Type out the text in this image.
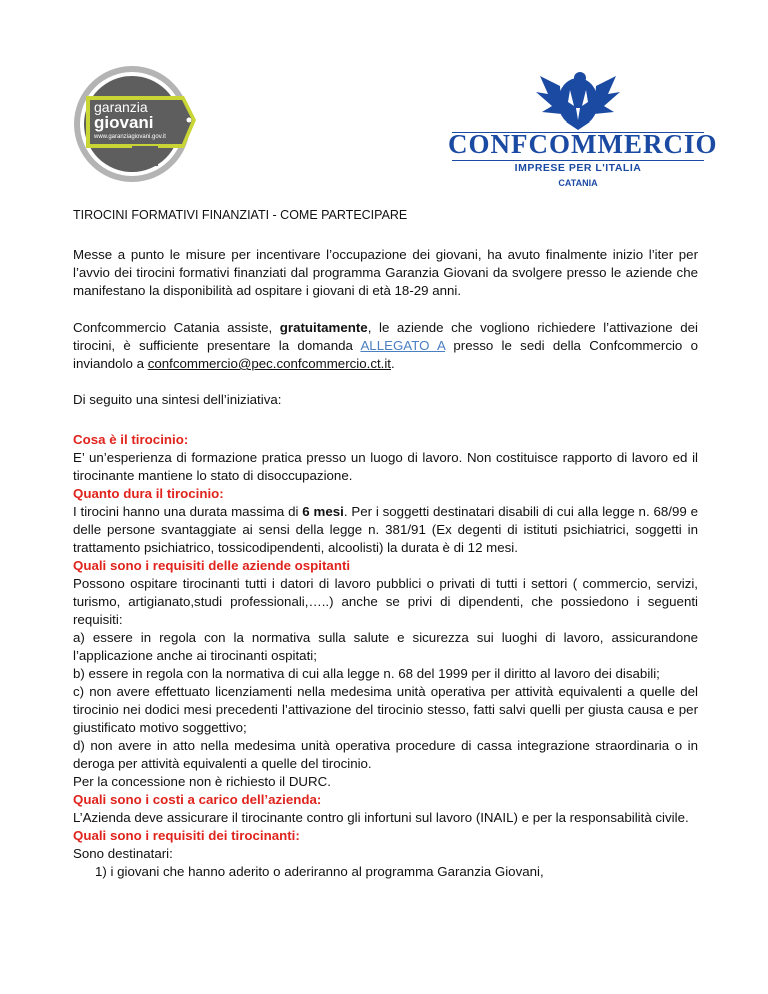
garanzia
giovani
www.garanziagiovani.gov.it	CONFCOMMERCIO
IMPRESE PER L'ITALIA
CATANIA
TIROCINI FORMATIVI FINANZIATI - COME PARTECIPARE
Messe a punto le misure per incentivare l’occupazione dei giovani, ha avuto finalmente inizio l’iter per l’avvio dei tirocini formativi finanziati dal programma Garanzia Giovani da svolgere presso le aziende che manifestano la disponibilità ad ospitare i giovani di età 18-29 anni.
Confcommercio Catania assiste, gratuitamente, le aziende che vogliono richiedere l’attivazione dei tirocini, è sufficiente presentare la domanda ALLEGATO A presso le sedi della Confcommercio o inviandolo a confcommercio@pec.confcommercio.ct.it.
Di seguito una sintesi dell’iniziativa:
Cosa è il tirocinio:
E’ un’esperienza di formazione pratica presso un luogo di lavoro. Non costituisce rapporto di lavoro ed il tirocinante mantiene lo stato di disoccupazione.
Quanto dura il tirocinio:
I tirocini hanno una durata massima di 6 mesi. Per i soggetti destinatari disabili di cui alla legge n. 68/99 e delle persone svantaggiate ai sensi della legge n. 381/91 (Ex degenti di istituti psichiatrici, soggetti in trattamento psichiatrico, tossicodipendenti, alcoolisti) la durata è di 12 mesi.
Quali sono i requisiti delle aziende ospitanti
Possono ospitare tirocinanti tutti i datori di lavoro pubblici o privati di tutti i settori ( commercio, servizi, turismo, artigianato,studi professionali,…..) anche se privi di dipendenti, che possiedono i seguenti requisiti:
a) essere in regola con la normativa sulla salute e sicurezza sui luoghi di lavoro, assicurandone l’applicazione anche ai tirocinanti ospitati;
b) essere in regola con la normativa di cui alla legge n. 68 del 1999 per il diritto al lavoro dei disabili;
c) non avere effettuato licenziamenti nella medesima unità operativa per attività equivalenti a quelle del tirocinio nei dodici mesi precedenti l’attivazione del tirocinio stesso, fatti salvi quelli per giusta causa e per giustificato motivo soggettivo;
d) non avere in atto nella medesima unità operativa procedure di cassa integrazione straordinaria o in deroga per attività equivalenti a quelle del tirocinio.
Per la concessione non è richiesto il DURC.
Quali sono i costi a carico dell’azienda:
L’Azienda deve assicurare il tirocinante contro gli infortuni sul lavoro (INAIL) e per la responsabilità civile.
Quali sono i requisiti dei tirocinanti:
Sono destinatari:
1) i giovani che hanno aderito o aderiranno al programma Garanzia Giovani,
